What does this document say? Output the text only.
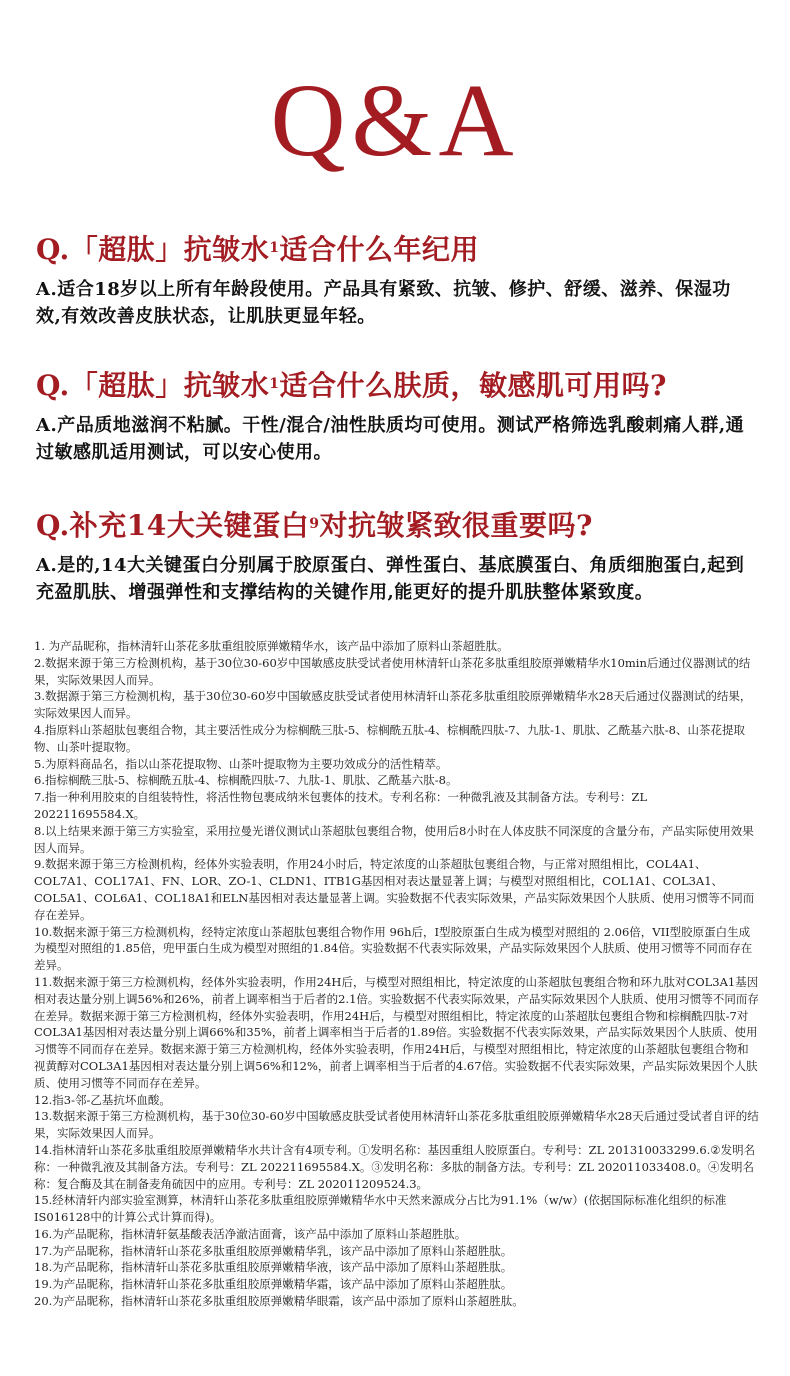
Q&A

Q.「超肽」抗皱水$^1$适合什么年纪用

A.适合18岁以上所有年龄段使用。产品具有紧致、抗皱、修护、舒缓、滋养、保湿功效,有效改善皮肤状态，让肌肤更显年轻。

Q.「超肽」抗皱水$^1$适合什么肤质，敏感肌可用吗?

A.产品质地滋润不粘腻。干性/混合/油性肤质均可使用。测试严格筛选乳酸刺痛人群,通过敏感肌适用测试，可以安心使用。

Q.补充14大关键蛋白$^9$对抗皱紧致很重要吗?

A.是的,14大关键蛋白分别属于胶原蛋白、弹性蛋白、基底膜蛋白、角质细胞蛋白,起到充盈肌肤、增强弹性和支撑结构的关键作用,能更好的提升肌肤整体紧致度。

1. 为产品昵称，指林清轩山茶花多肽重组胶原弹嫩精华水，该产品中添加了原料山茶超胜肽。
2.数据来源于第三方检测机构，基于30位30-60岁中国敏感皮肤受试者使用林清轩山茶花多肽重组胶原弹嫩精华水10min后通过仪器测试的结果，实际效果因人而异。
3.数据源于第三方检测机构，基于30位30-60岁中国敏感皮肤受试者使用林清轩山茶花多肽重组胶原弹嫩精华水28天后通过仪器测试的结果，实际效果因人而异。
4.指原料山茶超肽包裹组合物，其主要活性成分为棕榈酰三肽-5、棕榈酰五肽-4、棕榈酰四肽-7、九肽-1、肌肽、乙酰基六肽-8、山茶花提取物、山茶叶提取物。
5.为原料商品名，指以山茶花提取物、山茶叶提取物为主要功效成分的活性精萃。
6.指棕榈酰三肽-5、棕榈酰五肽-4、棕榈酰四肽-7、九肽-1、肌肽、乙酰基六肽-8。
7.指一种利用胶束的自组装特性，将活性物包裹成纳米包裹体的技术。专利名称：一种微乳液及其制备方法。专利号：ZL 202211695584.X。
8.以上结果来源于第三方实验室，采用拉曼光谱仪测试山茶超肽包裹组合物，使用后8小时在人体皮肤不同深度的含量分布，产品实际使用效果因人而异。
9.数据来源于第三方检测机构，经体外实验表明，作用24小时后，特定浓度的山茶超肽包裹组合物，与正常对照组相比，COL4A1、COL7A1、COL17A1、FN、LOR、ZO-1、CLDN1、ITB1G基因相对表达量显著上调；与模型对照组相比，COL1A1、COL3A1、COL5A1、COL6A1、COL18A1和ELN基因相对表达量显著上调。实验数据不代表实际效果，产品实际效果因个人肤质、使用习惯等不同而存在差异。
10.数据来源于第三方检测机构，经特定浓度山茶超肽包裹组合物作用 96h后，I型胶原蛋白生成为模型对照组的 2.06倍，VII型胶原蛋白生成为模型对照组的1.85倍，兜甲蛋白生成为模型对照组的1.84倍。实验数据不代表实际效果，产品实际效果因个人肤质、使用习惯等不同而存在差异。
11.数据来源于第三方检测机构，经体外实验表明，作用24H后，与模型对照组相比，特定浓度的山茶超肽包裹组合物和环九肽对COL3A1基因相对表达量分别上调56%和26%，前者上调率相当于后者的2.1倍。实验数据不代表实际效果，产品实际效果因个人肤质、使用习惯等不同而存在差异。数据来源于第三方检测机构，经体外实验表明，作用24H后，与模型对照组相比，特定浓度的山茶超肽包裹组合物和棕榈酰四肽-7对COL3A1基因相对表达量分别上调66%和35%，前者上调率相当于后者的1.89倍。实验数据不代表实际效果，产品实际效果因个人肤质、使用习惯等不同而存在差异。数据来源于第三方检测机构，经体外实验表明，作用24H后，与模型对照组相比，特定浓度的山茶超肽包裹组合物和视黄醇对COL3A1基因相对表达量分别上调56%和12%，前者上调率相当于后者的4.67倍。实验数据不代表实际效果，产品实际效果因个人肤质、使用习惯等不同而存在差异。
12.指3-邻-乙基抗坏血酸。
13.数据来源于第三方检测机构，基于30位30-60岁中国敏感皮肤受试者使用林清轩山茶花多肽重组胶原弹嫩精华水28天后通过受试者自评的结果，实际效果因人而异。
14.指林清轩山茶花多肽重组胶原弹嫩精华水共计含有4项专利。①发明名称：基因重组人胶原蛋白。专利号：ZL 201310033299.6.②发明名称：一种微乳液及其制备方法。专利号：ZL 202211695584.X。③发明名称：多肽的制备方法。专利号：ZL 202011033408.0。④发明名称：复合酶及其在制备麦角硫因中的应用。专利号：ZL 202011209524.3。
15.经林清轩内部实验室测算，林清轩山茶花多肽重组胶原弹嫩精华水中天然来源成分占比为91.1%（w/w）(依据国际标准化组织的标准IS016128中的计算公式计算而得)。
16.为产品昵称，指林清轩氨基酸表活净澈洁面膏，该产品中添加了原料山茶超胜肽。
17.为产品昵称，指林清轩山茶花多肽重组胶原弹嫩精华乳，该产品中添加了原料山茶超胜肽。
18.为产品昵称，指林清轩山茶花多肽重组胶原弹嫩精华液，该产品中添加了原料山茶超胜肽。
19.为产品昵称，指林清轩山茶花多肽重组胶原弹嫩精华霜，该产品中添加了原料山茶超胜肽。
20.为产品昵称，指林清轩山茶花多肽重组胶原弹嫩精华眼霜，该产品中添加了原料山茶超胜肽。
